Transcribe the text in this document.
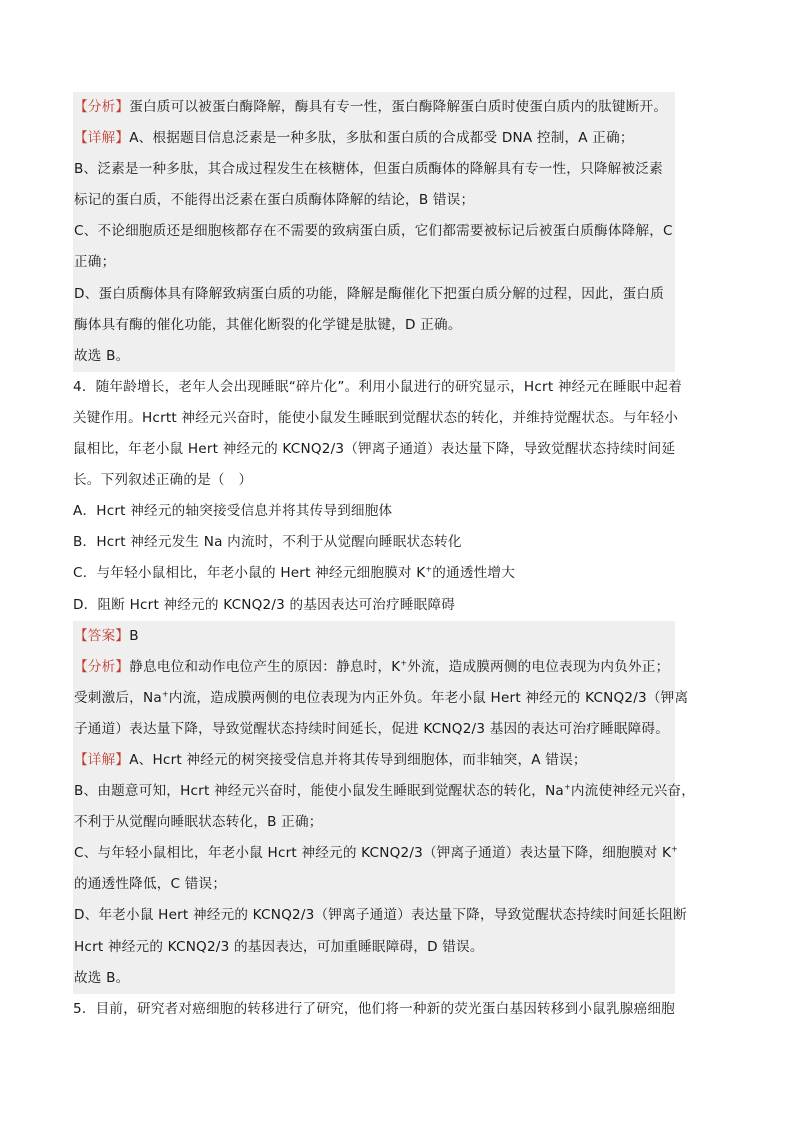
【分析】蛋白质可以被蛋白酶降解，酶具有专一性，蛋白酶降解蛋白质时使蛋白质内的肽键断开。
【详解】A、根据题目信息泛素是一种多肽，多肽和蛋白质的合成都受 DNA 控制，A 正确；
B、泛素是一种多肽，其合成过程发生在核糖体，但蛋白质酶体的降解具有专一性，只降解被泛素
标记的蛋白质，不能得出泛素在蛋白质酶体降解的结论，B 错误；
C、不论细胞质还是细胞核都存在不需要的致病蛋白质，它们都需要被标记后被蛋白质酶体降解，C
正确；
D、蛋白质酶体具有降解致病蛋白质的功能，降解是酶催化下把蛋白质分解的过程，因此，蛋白质
酶体具有酶的催化功能，其催化断裂的化学键是肽键，D 正确。
故选 B。
4．随年龄增长，老年人会出现睡眠“碎片化”。利用小鼠进行的研究显示，Hcrt 神经元在睡眠中起着
关键作用。Hcrtt 神经元兴奋时，能使小鼠发生睡眠到觉醒状态的转化，并维持觉醒状态。与年轻小
鼠相比，年老小鼠 Hert 神经元的 KCNQ2/3（钾离子通道）表达量下降，导致觉醒状态持续时间延
长。下列叙述正确的是（　）
A．Hcrt 神经元的轴突接受信息并将其传导到细胞体
B．Hcrt 神经元发生 Na 内流时，不利于从觉醒向睡眠状态转化
C．与年轻小鼠相比，年老小鼠的 Hert 神经元细胞膜对 K+的通透性增大
D．阻断 Hcrt 神经元的 KCNQ2/3 的基因表达可治疗睡眠障碍
【答案】B
【分析】静息电位和动作电位产生的原因：静息时，K+外流，造成膜两侧的电位表现为内负外正；
受刺激后，Na+内流，造成膜两侧的电位表现为内正外负。年老小鼠 Hert 神经元的 KCNQ2/3（钾离
子通道）表达量下降，导致觉醒状态持续时间延长，促进 KCNQ2/3 基因的表达可治疗睡眠障碍。
【详解】A、Hcrt 神经元的树突接受信息并将其传导到细胞体，而非轴突，A 错误；
B、由题意可知，Hcrt 神经元兴奋时，能使小鼠发生睡眠到觉醒状态的转化，Na+内流使神经元兴奋，
不利于从觉醒向睡眠状态转化，B 正确；
C、与年轻小鼠相比，年老小鼠 Hcrt 神经元的 KCNQ2/3（钾离子通道）表达量下降，细胞膜对 K+
的通透性降低，C 错误；
D、年老小鼠 Hert 神经元的 KCNQ2/3（钾离子通道）表达量下降，导致觉醒状态持续时间延长阻断
Hcrt 神经元的 KCNQ2/3 的基因表达，可加重睡眠障碍，D 错误。
故选 B。
5．目前，研究者对癌细胞的转移进行了研究，他们将一种新的荧光蛋白基因转移到小鼠乳腺癌细胞
